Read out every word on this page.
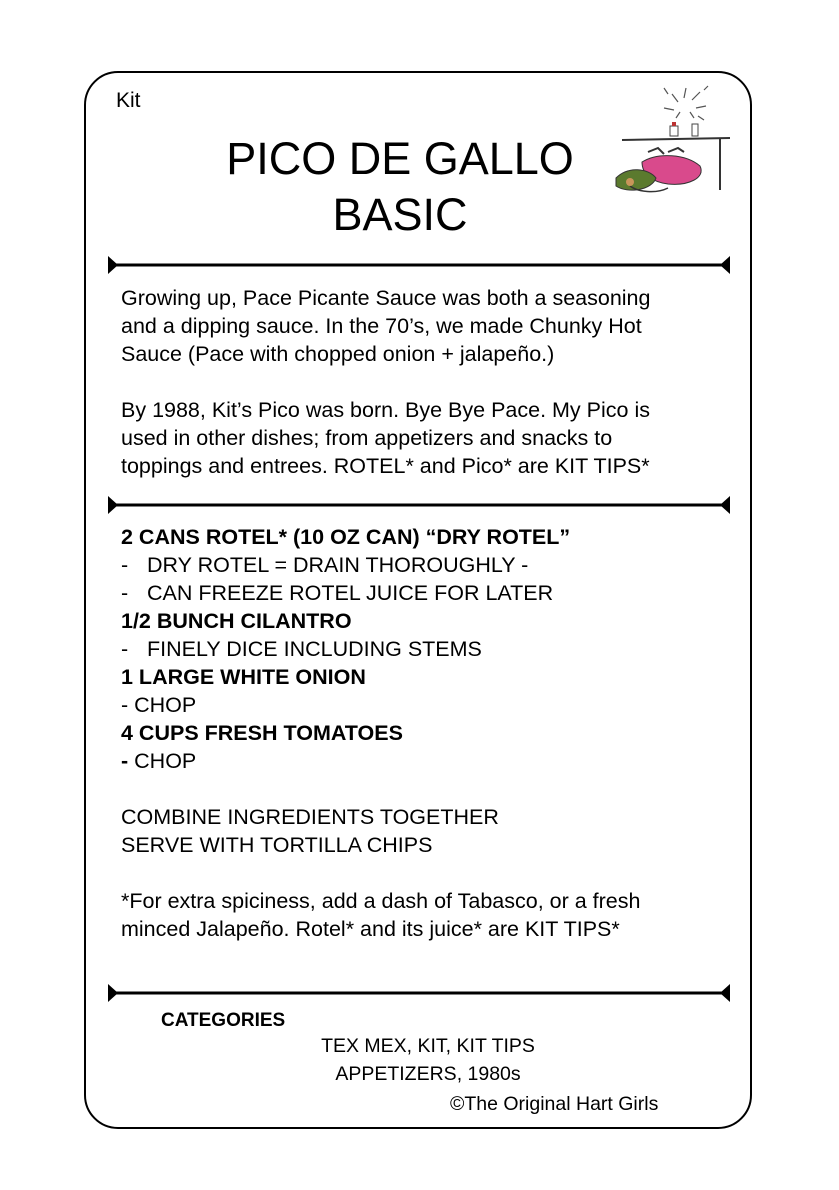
Kit
PICO DE GALLO
BASIC
Growing up, Pace Picante Sauce was both a seasoning
and a dipping sauce. In the 70’s, we made Chunky Hot
Sauce (Pace with chopped onion + jalapeño.)
By 1988, Kit’s Pico was born. Bye Bye Pace. My Pico is
used in other dishes; from appetizers and snacks to
toppings and entrees. ROTEL* and Pico* are KIT TIPS*
2 CANS ROTEL* (10 OZ CAN) “DRY ROTEL”
- DRY ROTEL = DRAIN THOROUGHLY -
- CAN FREEZE ROTEL JUICE FOR LATER
1/2 BUNCH CILANTRO
- FINELY DICE INCLUDING STEMS
1 LARGE WHITE ONION
- CHOP
4 CUPS FRESH TOMATOES
- CHOP
COMBINE INGREDIENTS TOGETHER
SERVE WITH TORTILLA CHIPS
*For extra spiciness, add a dash of Tabasco, or a fresh
minced Jalapeño. Rotel* and its juice* are KIT TIPS*
CATEGORIES
TEX MEX, KIT, KIT TIPS
APPETIZERS, 1980s
©The Original Hart Girls
